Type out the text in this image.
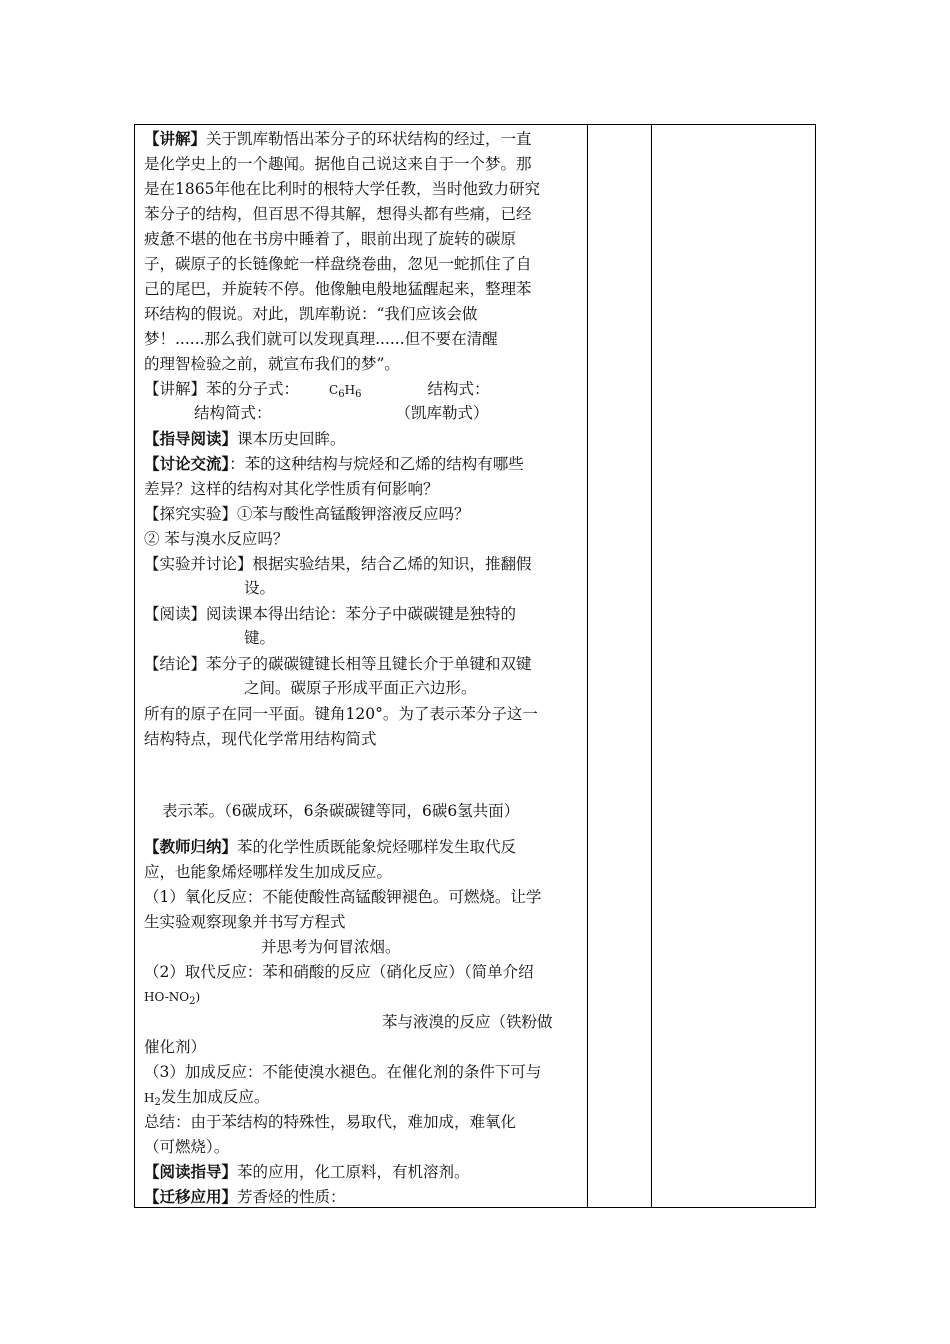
【讲解】关于凯库勒悟出苯分子的环状结构的经过，一直
是化学史上的一个趣闻。据他自己说这来自于一个梦。那
是在1865年他在比利时的根特大学任教，当时他致力研究
苯分子的结构，但百思不得其解，想得头都有些痛，已经
疲惫不堪的他在书房中睡着了，眼前出现了旋转的碳原
子，碳原子的长链像蛇一样盘绕卷曲，忽见一蛇抓住了自
己的尾巴，并旋转不停。他像触电般地猛醒起来，整理苯
环结构的假说。对此，凯库勒说：“我们应该会做
梦！......那么我们就可以发现真理......但不要在清醒
的理智检验之前，就宣布我们的梦”。
【讲解】苯的分子式：	$C_6H_6$	结构式：
结构简式：	（凯库勒式）
【指导阅读】课本历史回眸。
【讨论交流】：苯的这种结构与烷烃和乙烯的结构有哪些
差异？这样的结构对其化学性质有何影响？
【探究实验】①苯与酸性高锰酸钾溶液反应吗？
② 苯与溴水反应吗？
【实验并讨论】根据实验结果，结合乙烯的知识，推翻假
设。
【阅读】阅读课本得出结论：苯分子中碳碳键是独特的
键。
【结论】苯分子的碳碳键键长相等且键长介于单键和双键
之间。碳原子形成平面正六边形。
所有的原子在同一平面。键角120°。为了表示苯分子这一
结构特点，现代化学常用结构简式
表示苯。（6碳成环，6条碳碳键等同，6碳6氢共面）
【教师归纳】苯的化学性质既能象烷烃哪样发生取代反
应，也能象烯烃哪样发生加成反应。
（1）氧化反应：不能使酸性高锰酸钾褪色。可燃烧。让学
生实验观察现象并书写方程式
并思考为何冒浓烟。
（2）取代反应：苯和硝酸的反应（硝化反应）（简单介绍
$HO-NO_2$)
苯与液溴的反应（铁粉做
催化剂）
（3）加成反应：不能使溴水褪色。在催化剂的条件下可与
$H_2$发生加成反应。
总结：由于苯结构的特殊性，易取代，难加成，难氧化
（可燃烧）。
【阅读指导】苯的应用，化工原料，有机溶剂。
【迁移应用】芳香烃的性质：
